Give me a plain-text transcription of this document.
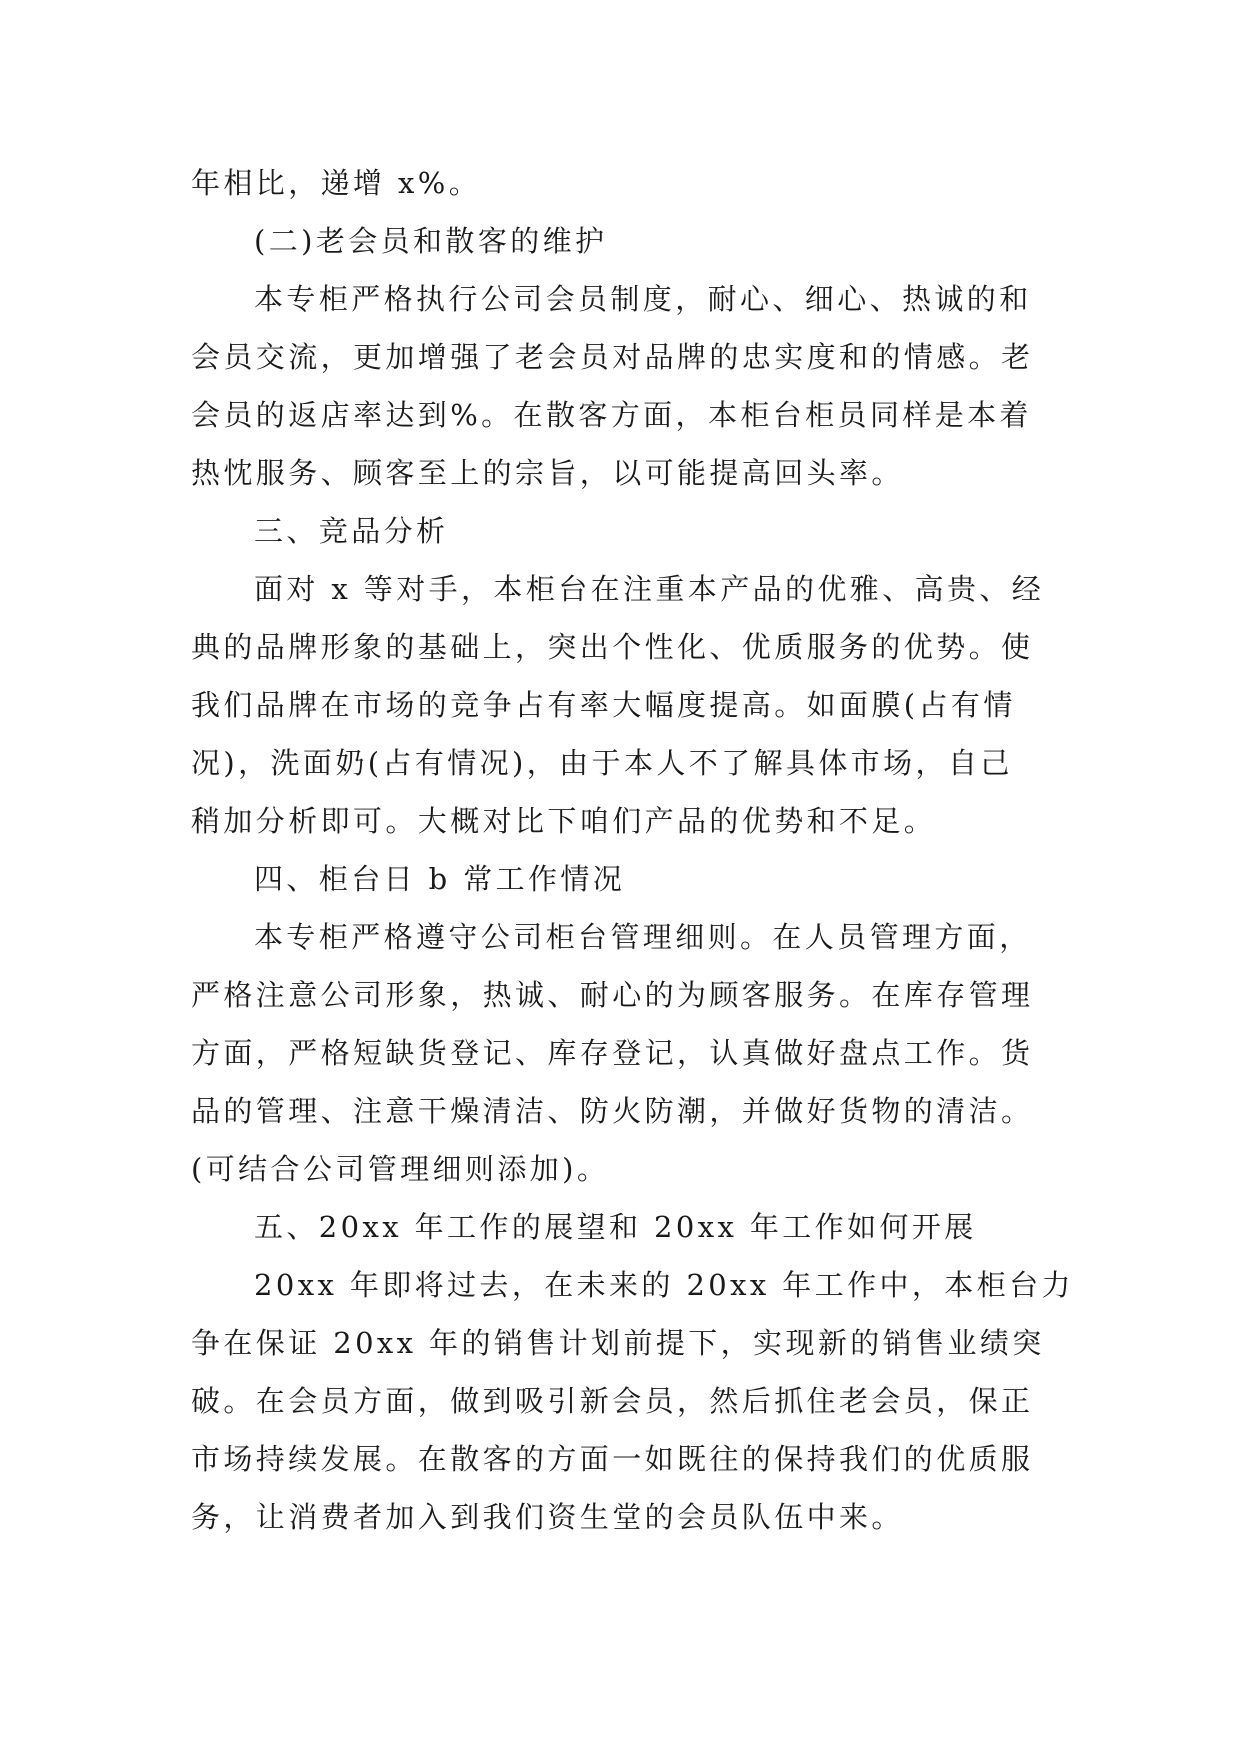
年相比，递增 x%。

(二)老会员和散客的维护

本专柜严格执行公司会员制度，耐心、细心、热诚的和

会员交流，更加增强了老会员对品牌的忠实度和的情感。老

会员的返店率达到%。在散客方面，本柜台柜员同样是本着

热忱服务、顾客至上的宗旨，以可能提高回头率。

三、竞品分析

面对 x 等对手，本柜台在注重本产品的优雅、高贵、经

典的品牌形象的基础上，突出个性化、优质服务的优势。使

我们品牌在市场的竞争占有率大幅度提高。如面膜(占有情

况)，洗面奶(占有情况)，由于本人不了解具体市场，自己

稍加分析即可。大概对比下咱们产品的优势和不足。

四、柜台日 b 常工作情况

本专柜严格遵守公司柜台管理细则。在人员管理方面，

严格注意公司形象，热诚、耐心的为顾客服务。在库存管理

方面，严格短缺货登记、库存登记，认真做好盘点工作。货

品的管理、注意干燥清洁、防火防潮，并做好货物的清洁。

(可结合公司管理细则添加)。

五、20xx 年工作的展望和 20xx 年工作如何开展

20xx 年即将过去，在未来的 20xx 年工作中，本柜台力

争在保证 20xx 年的销售计划前提下，实现新的销售业绩突

破。在会员方面，做到吸引新会员，然后抓住老会员，保正

市场持续发展。在散客的方面一如既往的保持我们的优质服

务，让消费者加入到我们资生堂的会员队伍中来。
